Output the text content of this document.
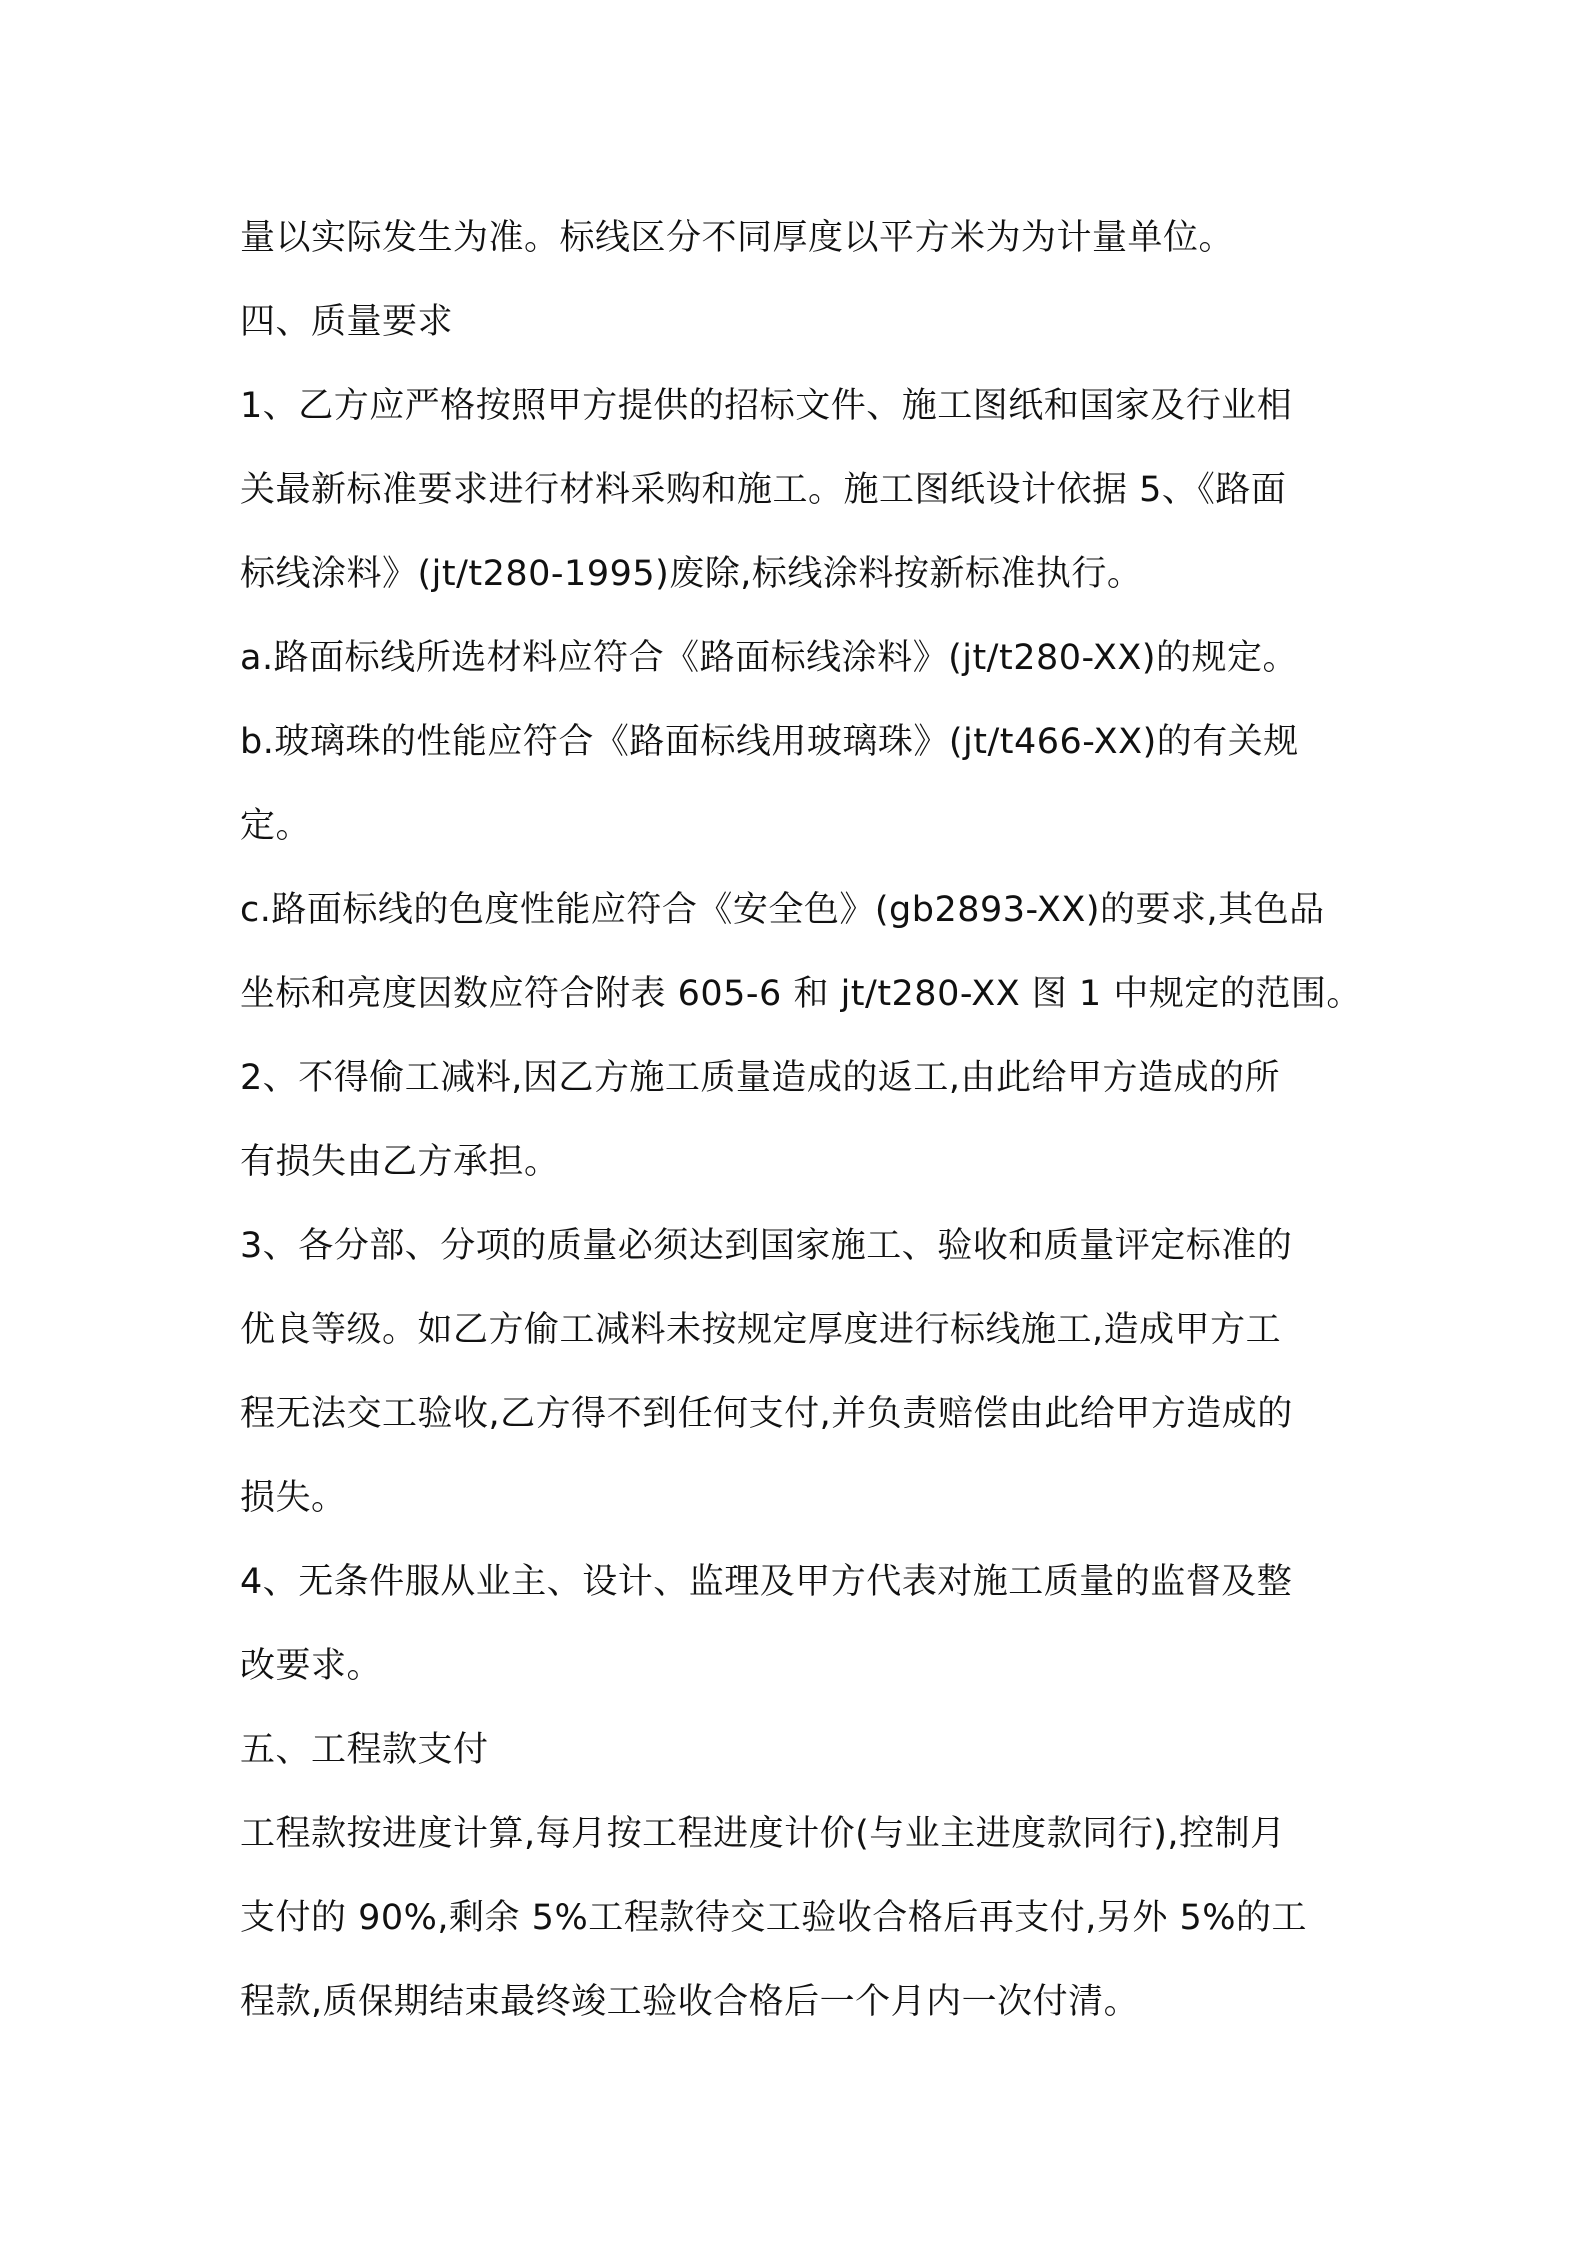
量以实际发生为准。标线区分不同厚度以平方米为为计量单位。
四、质量要求
1、乙方应严格按照甲方提供的招标文件、施工图纸和国家及行业相
关最新标准要求进行材料采购和施工。施工图纸设计依据 5、《路面
标线涂料》(jt/t280-1995)废除,标线涂料按新标准执行。
a.路面标线所选材料应符合《路面标线涂料》(jt/t280-XX)的规定。
b.玻璃珠的性能应符合《路面标线用玻璃珠》(jt/t466-XX)的有关规
定。
c.路面标线的色度性能应符合《安全色》(gb2893-XX)的要求,其色品
坐标和亮度因数应符合附表 605-6 和 jt/t280-XX 图 1 中规定的范围。
2、不得偷工减料,因乙方施工质量造成的返工,由此给甲方造成的所
有损失由乙方承担。
3、各分部、分项的质量必须达到国家施工、验收和质量评定标准的
优良等级。如乙方偷工减料未按规定厚度进行标线施工,造成甲方工
程无法交工验收,乙方得不到任何支付,并负责赔偿由此给甲方造成的
损失。
4、无条件服从业主、设计、监理及甲方代表对施工质量的监督及整
改要求。
五、工程款支付
工程款按进度计算,每月按工程进度计价(与业主进度款同行),控制月
支付的 90%,剩余 5%工程款待交工验收合格后再支付,另外 5%的工
程款,质保期结束最终竣工验收合格后一个月内一次付清。
